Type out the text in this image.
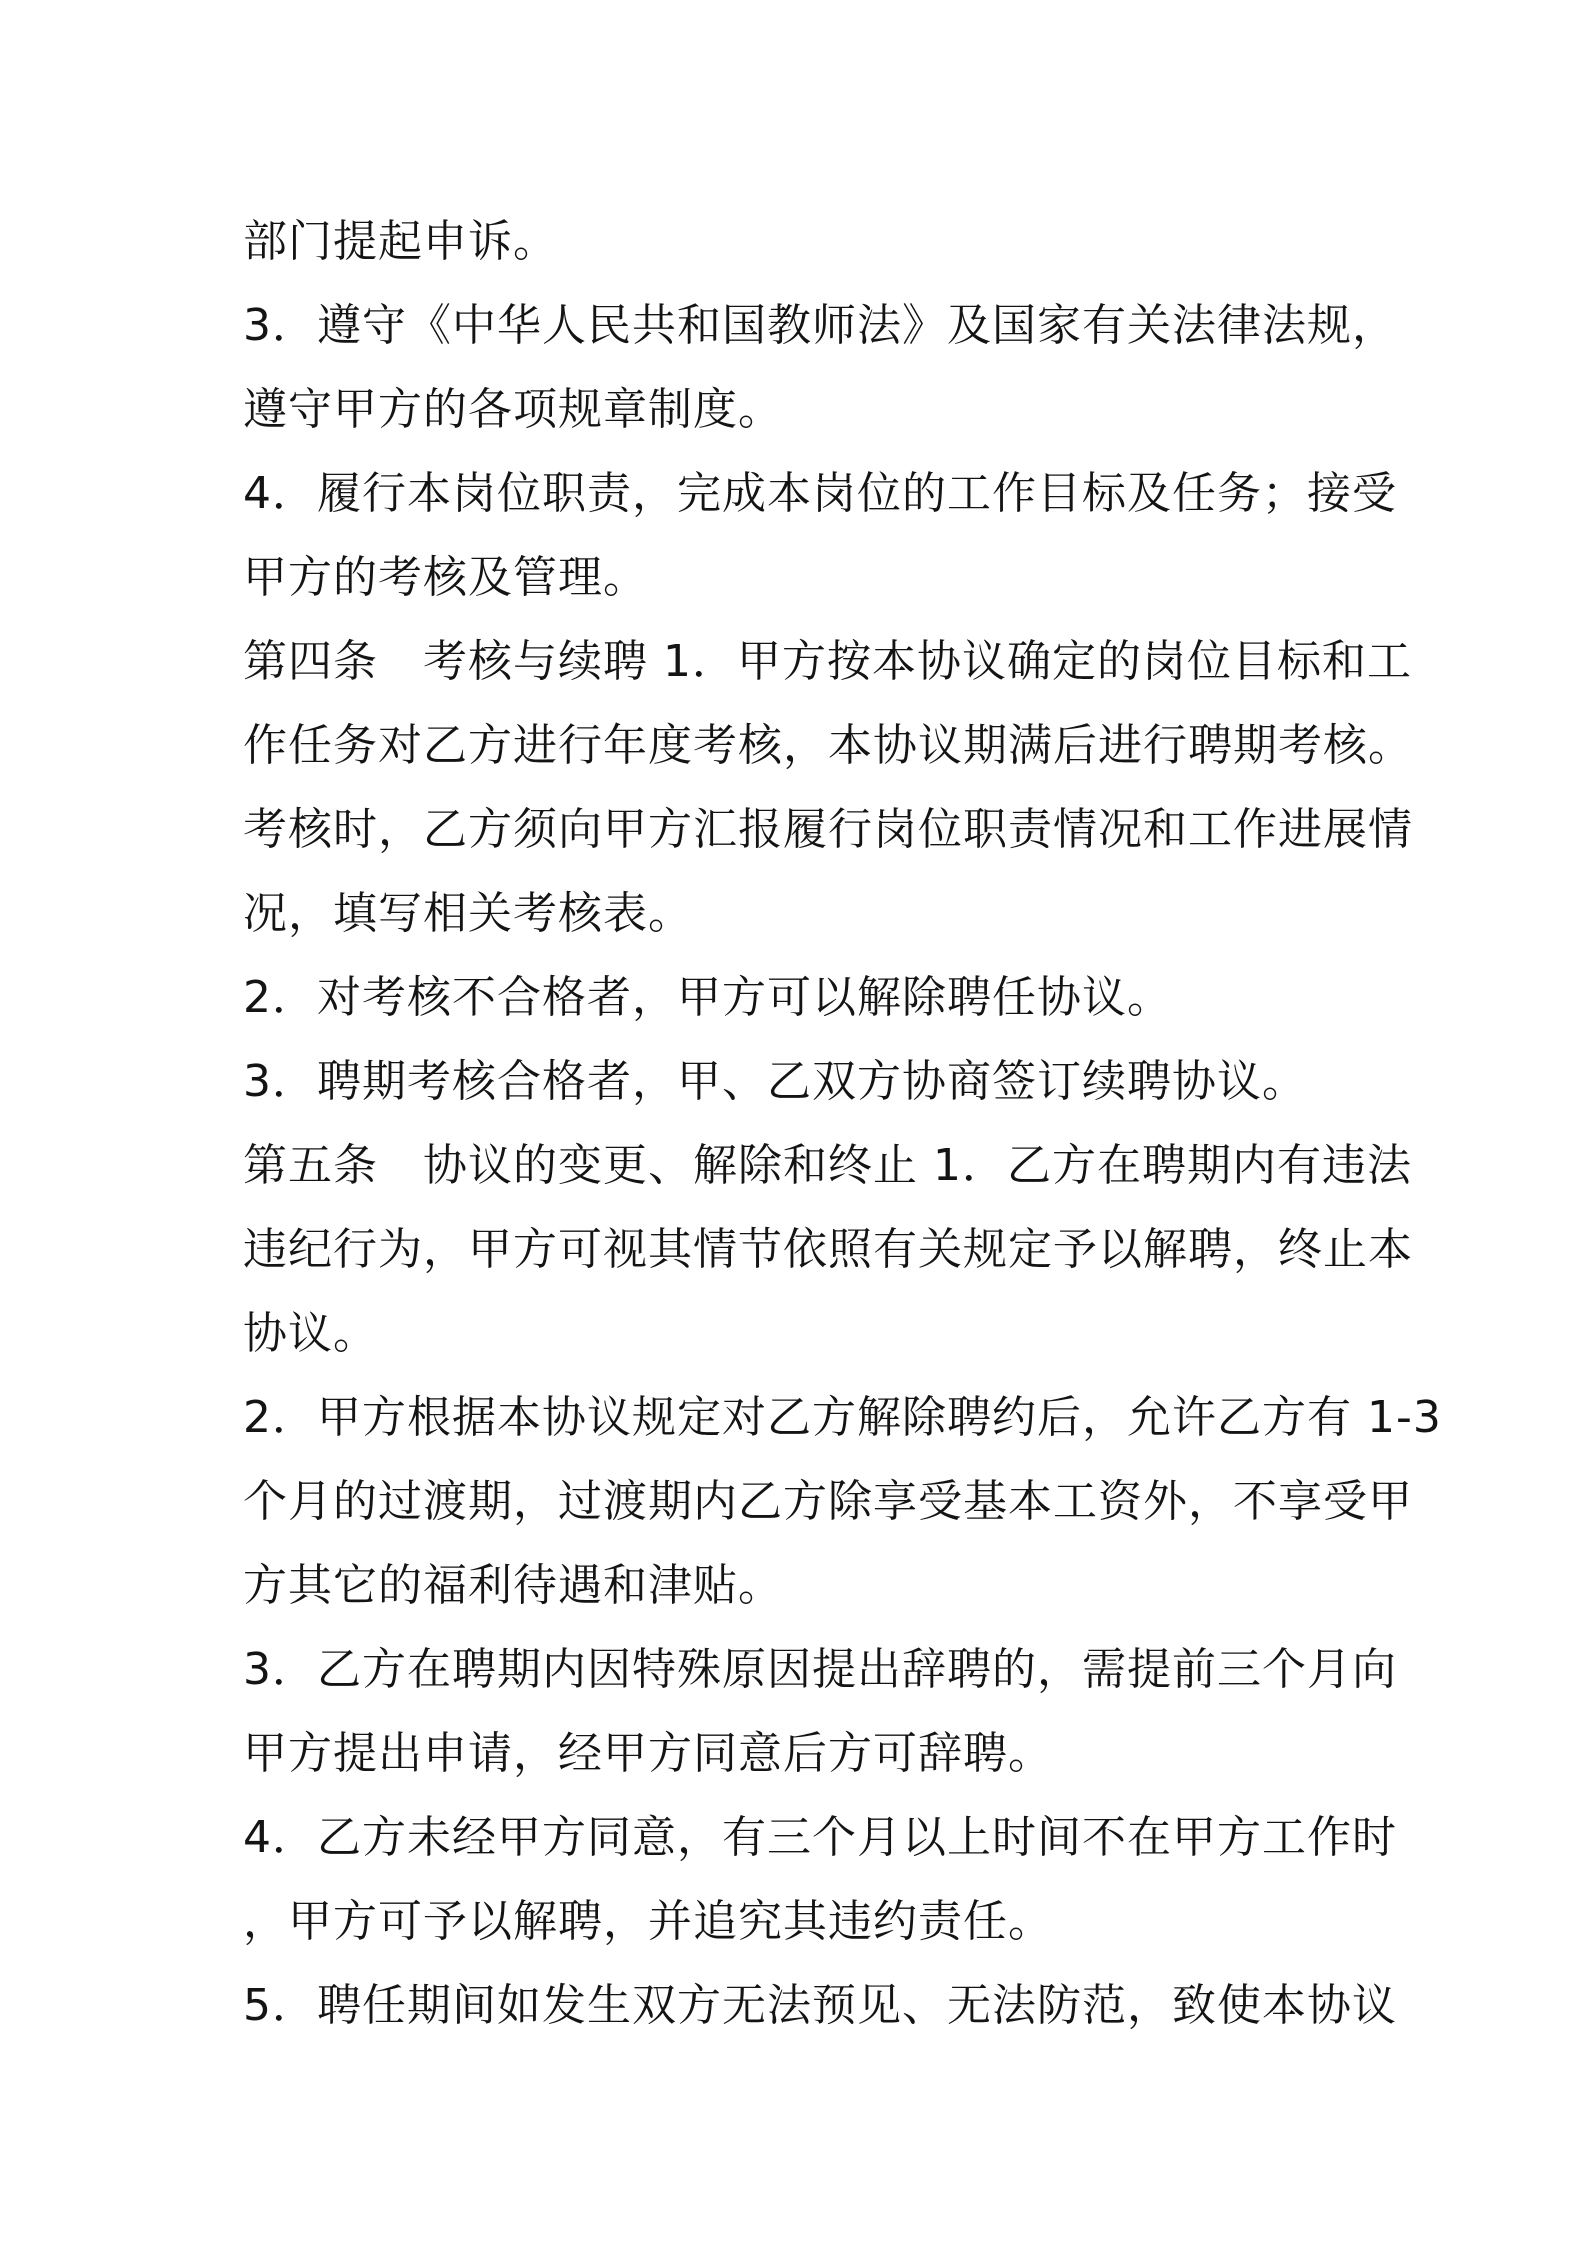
部门提起申诉。
3．遵守《中华人民共和国教师法》及国家有关法律法规，
遵守甲方的各项规章制度。
4．履行本岗位职责，完成本岗位的工作目标及任务；接受
甲方的考核及管理。
第四条　考核与续聘 1．甲方按本协议确定的岗位目标和工
作任务对乙方进行年度考核，本协议期满后进行聘期考核。
考核时，乙方须向甲方汇报履行岗位职责情况和工作进展情
况，填写相关考核表。
2．对考核不合格者，甲方可以解除聘任协议。
3．聘期考核合格者，甲、乙双方协商签订续聘协议。
第五条　协议的变更、解除和终止 1．乙方在聘期内有违法
违纪行为，甲方可视其情节依照有关规定予以解聘，终止本
协议。
2．甲方根据本协议规定对乙方解除聘约后，允许乙方有 1-3
个月的过渡期，过渡期内乙方除享受基本工资外，不享受甲
方其它的福利待遇和津贴。
3．乙方在聘期内因特殊原因提出辞聘的，需提前三个月向
甲方提出申请，经甲方同意后方可辞聘。
4．乙方未经甲方同意，有三个月以上时间不在甲方工作时
，甲方可予以解聘，并追究其违约责任。
5．聘任期间如发生双方无法预见、无法防范，致使本协议
